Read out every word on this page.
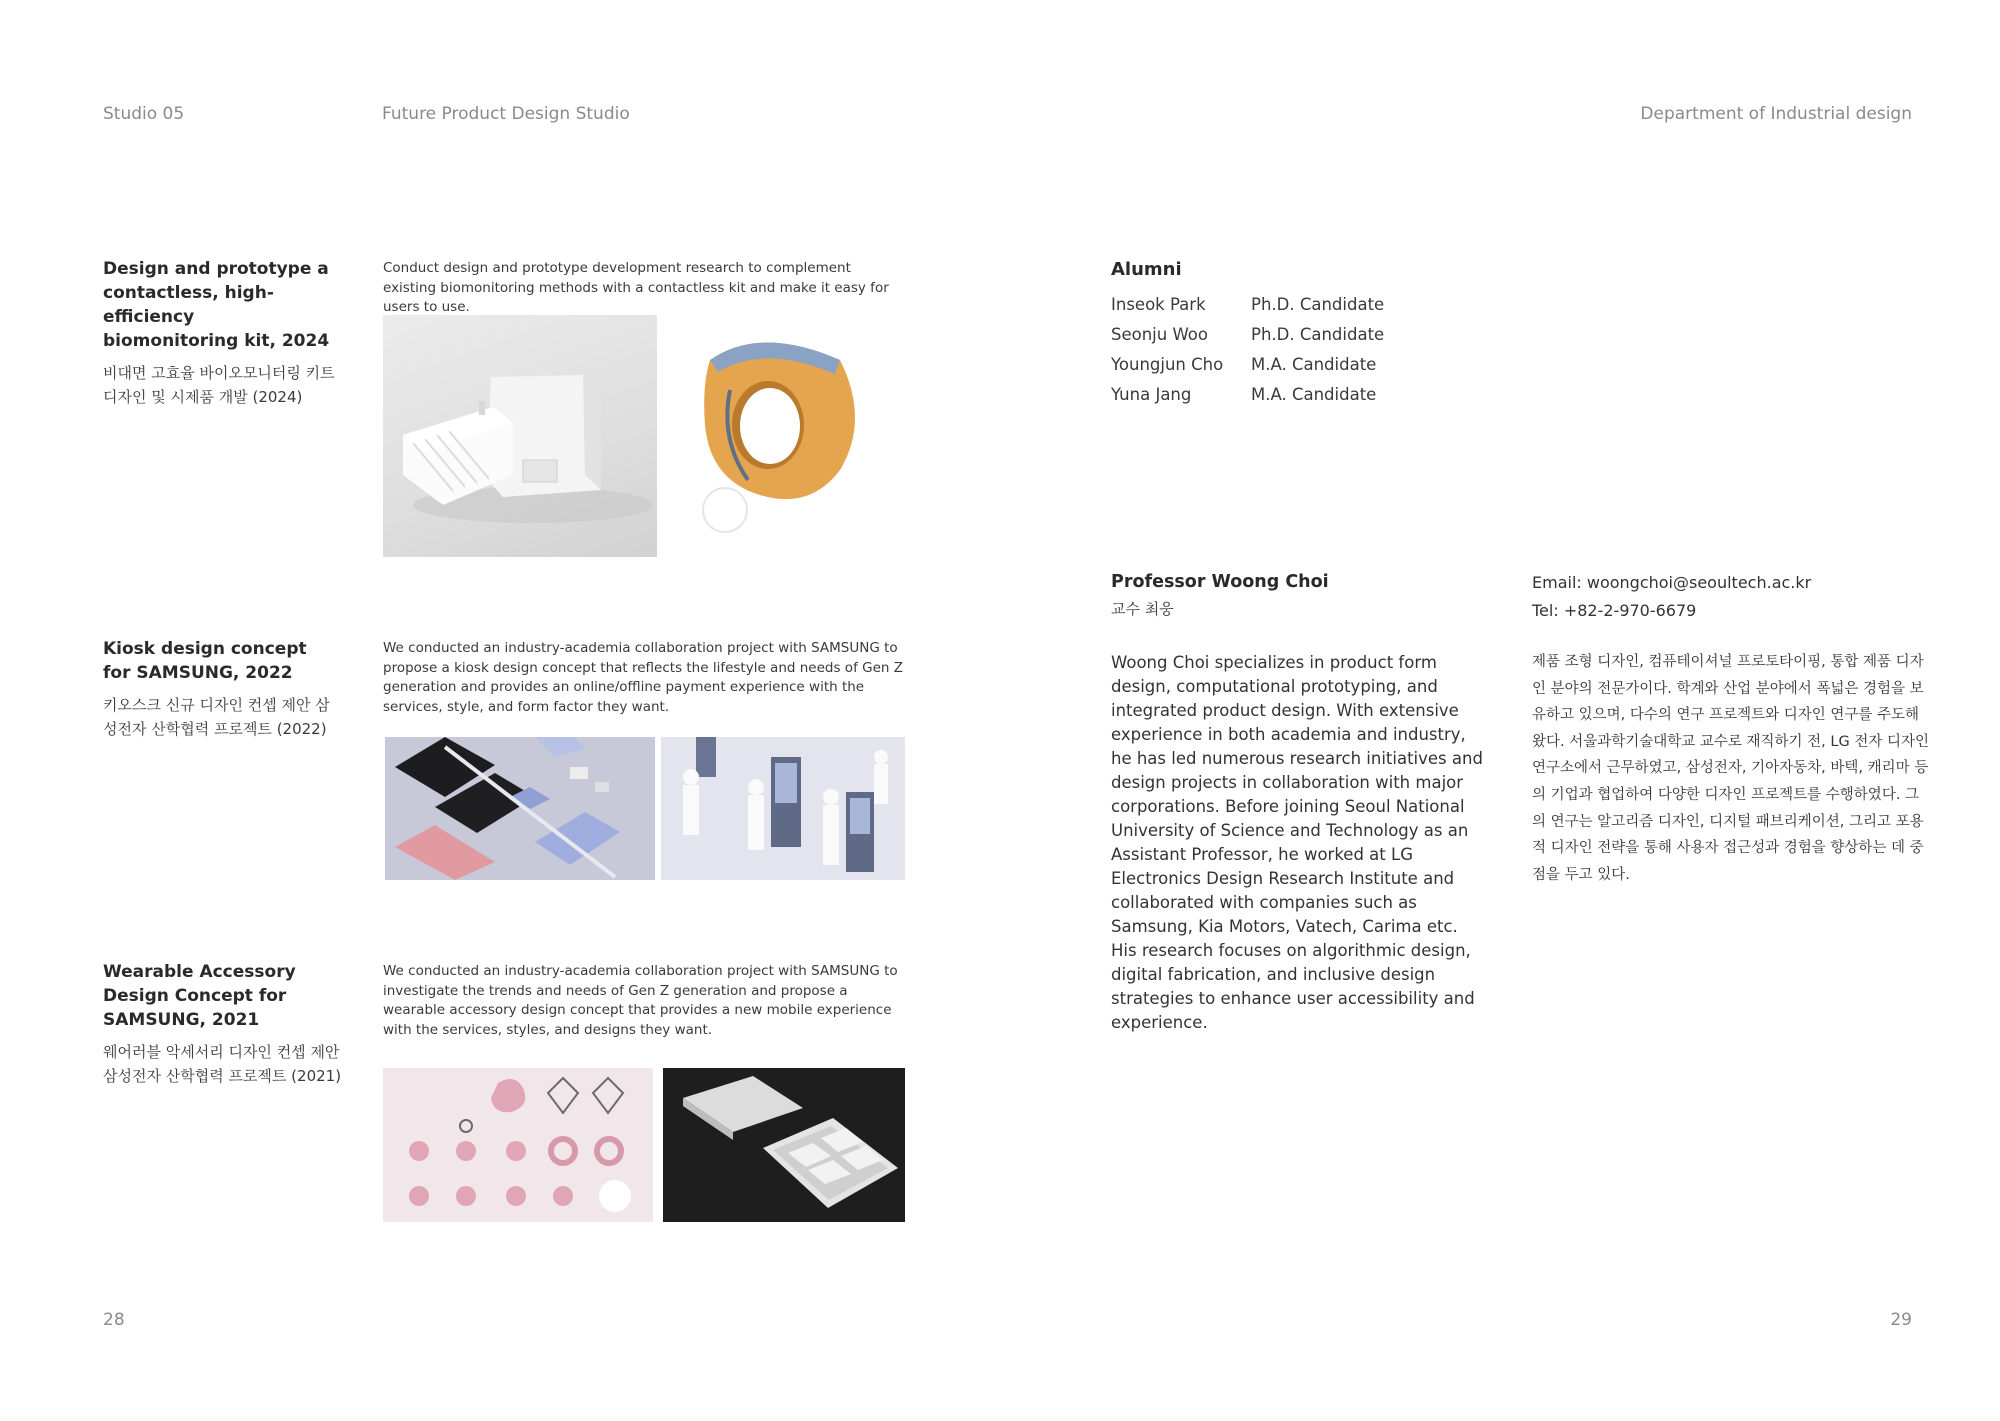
Studio 05	Future Product Design Studio	Department of Industrial design
Design and prototype a contactless, high-efficiency biomonitoring kit, 2024
비대면 고효율 바이오모니터링 키트 디자인 및 시제품 개발 (2024)
Conduct design and prototype development research to complement existing biomonitoring methods with a contactless kit and make it easy for users to use.
Kiosk design concept for SAMSUNG, 2022
키오스크 신규 디자인 컨셉 제안 삼성전자 산학협력 프로젝트 (2022)
We conducted an industry-academia collaboration project with SAMSUNG to propose a kiosk design concept that reflects the lifestyle and needs of Gen Z generation and provides an online/offline payment experience with the services, style, and form factor they want.
Wearable Accessory Design Concept for SAMSUNG, 2021
웨어러블 악세서리 디자인 컨셉 제안 삼성전자 산학협력 프로젝트 (2021)
We conducted an industry-academia collaboration project with SAMSUNG to investigate the trends and needs of Gen Z generation and propose a wearable accessory design concept that provides a new mobile experience with the services, styles, and designs they want.
28	29
Alumni
Inseok Park	Ph.D. Candidate
Seonju Woo	Ph.D. Candidate
Youngjun Cho	M.A. Candidate
Yuna Jang	M.A. Candidate
Professor Woong Choi
교수 최웅
Email: woongchoi@seoultech.ac.kr
Tel: +82-2-970-6679
Woong Choi specializes in product form design, computational prototyping, and integrated product design. With extensive experience in both academia and industry, he has led numerous research initiatives and design projects in collaboration with major corporations. Before joining Seoul National University of Science and Technology as an Assistant Professor, he worked at LG Electronics Design Research Institute and collaborated with companies such as Samsung, Kia Motors, Vatech, Carima etc. His research focuses on algorithmic design, digital fabrication, and inclusive design strategies to enhance user accessibility and experience.
제품 조형 디자인, 컴퓨테이셔널 프로토타이핑, 통합 제품 디자인 분야의 전문가이다. 학계와 산업 분야에서 폭넓은 경험을 보유하고 있으며, 다수의 연구 프로젝트와 디자인 연구를 주도해 왔다. 서울과학기술대학교 교수로 재직하기 전, LG 전자 디자인연구소에서 근무하였고, 삼성전자, 기아자동차, 바텍, 캐리마 등의 기업과 협업하여 다양한 디자인 프로젝트를 수행하였다. 그의 연구는 알고리즘 디자인, 디지털 패브리케이션, 그리고 포용적 디자인 전략을 통해 사용자 접근성과 경험을 향상하는 데 중점을 두고 있다.
